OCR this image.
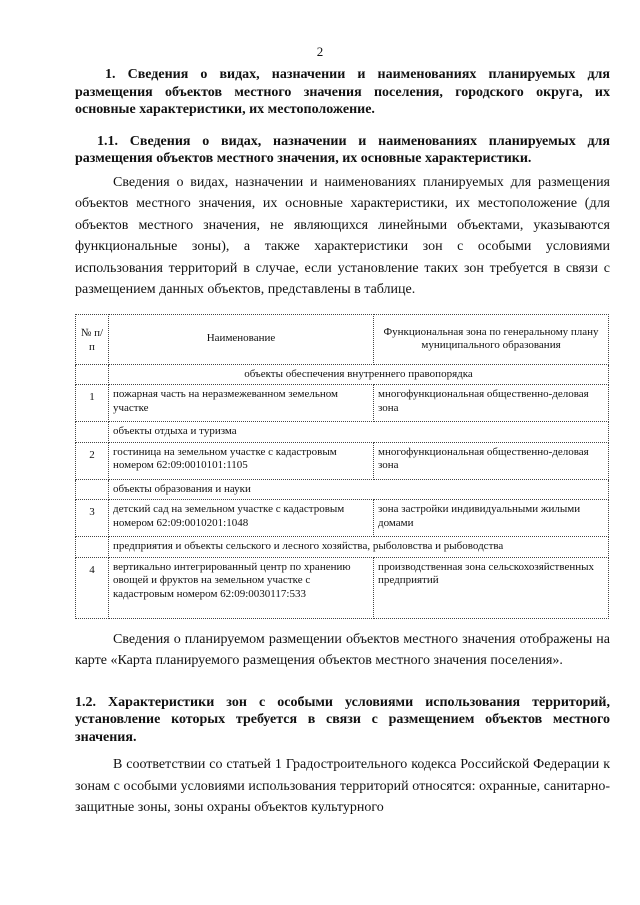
2

1. Сведения о видах, назначении и наименованиях планируемых для размещения объектов местного значения поселения, городского округа, их основные характеристики, их местоположение.

1.1. Сведения о видах, назначении и наименованиях планируемых для размещения объектов местного значения, их основные характеристики.

Сведения о видах, назначении и наименованиях планируемых для размещения объектов местного значения, их основные характеристики, их местоположение (для объектов местного значения, не являющихся линейными объектами, указываются функциональные зоны), а также характеристики зон с особыми условиями использования территорий в случае, если установление таких зон требуется в связи с размещением данных объектов, представлены в таблице.

№ п/п	Наименование	Функциональная зона по генеральному плану муниципального образования
	объекты обеспечения внутреннего правопорядка	
1	пожарная часть на неразмежеванном земельном участке	многофункциональная общественно-деловая зона
	объекты отдыха и туризма	
2	гостиница на земельном участке с кадастровым номером 62:09:0010101:1105	многофункциональная общественно-деловая зона
	объекты образования и науки	
3	детский сад на земельном участке с кадастровым номером 62:09:0010201:1048	зона застройки индивидуальными жилыми домами
	предприятия и объекты сельского и лесного хозяйства, рыболовства и рыбоводства	
4	вертикально интегрированный центр по хранению овощей и фруктов на земельном участке с кадастровым номером 62:09:0030117:533	производственная зона сельскохозяйственных предприятий

Сведения о планируемом размещении объектов местного значения отображены на карте «Карта планируемого размещения объектов местного значения поселения».

1.2. Характеристики зон с особыми условиями использования территорий, установление которых требуется в связи с размещением объектов местного значения.

В соответствии со статьей 1 Градостроительного кодекса Российской Федерации к зонам с особыми условиями использования территорий относятся: охранные, санитарно-защитные зоны, зоны охраны объектов культурного
